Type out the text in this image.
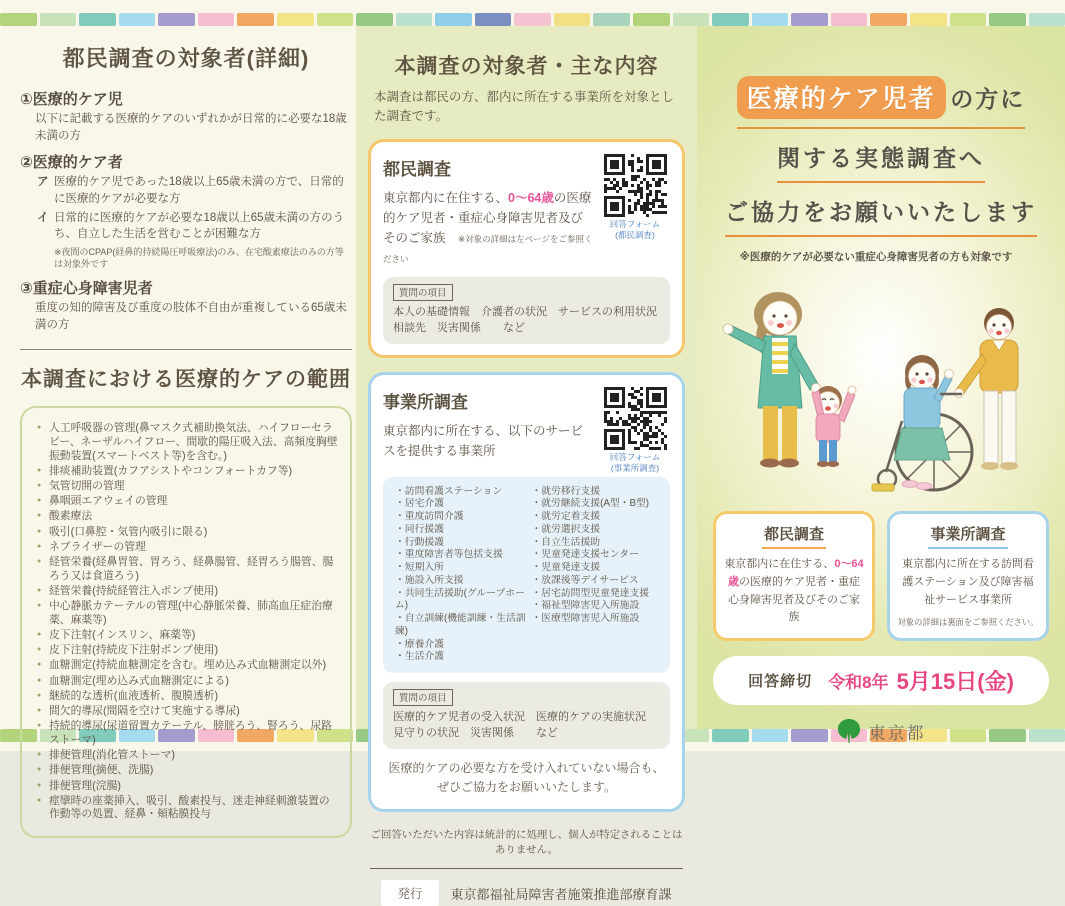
都民調査の対象者(詳細)
①医療的ケア児

以下に記載する医療的ケアのいずれかが日常的に必要な18歳未満の方

②医療的ケア者
ア 医療的ケア児であった18歳以上65歳未満の方で、日常的に医療的ケアが必要な方

イ 日常的に医療的ケアが必要な18歳以上65歳未満の方のうち、自立した生活を営むことが困難な方

※夜間のCPAP(経鼻的持続陽圧呼吸療法)のみ、在宅酸素療法のみの方等は対象外です

③重症心身障害児者

重度の知的障害及び重度の肢体不自由が重複している65歳未満の方

本調査における医療的ケアの範囲
● 人工呼吸器の管理(鼻マスク式補助換気法、ハイフローセラピー、ネーザルハイフロー、間歇的陽圧吸入法、高頻度胸壁振動装置(スマートベスト等)を含む。)
● 排痰補助装置(カフアシストやコンフォートカフ等)
● 気管切開の管理
● 鼻咽頭エアウェイの管理
● 酸素療法
● 吸引(口鼻腔・気管内吸引に限る)
● ネブライザーの管理
● 経管栄養(経鼻胃管、胃ろう、経鼻腸管、経胃ろう腸管、腸ろう又は食道ろう)
● 経管栄養(持続経管注入ポンプ使用)
● 中心静脈カテーテルの管理(中心静脈栄養、肺高血圧症治療薬、麻薬等)
● 皮下注射(インスリン、麻薬等)
● 皮下注射(持続皮下注射ポンプ使用)
● 血糖測定(持続血糖測定を含む。埋め込み式血糖測定以外)
● 血糖測定(埋め込み式血糖測定による)
● 継続的な透析(血液透析、腹膜透析)
● 間欠的導尿(間隔を空けて実施する導尿)
● 持続的導尿(尿道留置カテーテル、膀胱ろう、腎ろう、尿路ストーマ)
● 排便管理(消化管ストーマ)
● 排便管理(摘便、洗腸)
● 排便管理(浣腸)
● 痙攣時の座薬挿入、吸引、酸素投与、迷走神経刺激装置の作動等の処置、経鼻・頬粘膜投与
本調査の対象者・主な内容

本調査は都民の方、都内に所在する事業所を対象とした調査です。

回答フォーム
(都民調査)
都民調査

東京都内に在住する、0〜64歳の医療的ケア児者・重症心身障害児者及びそのご家族　※対象の詳細は左ページをご参照ください

質問の項目

本人の基礎情報　介護者の状況　サービスの利用状況

相談先　災害関係　　など

回答フォーム
(事業所調査)
事業所調査

東京都内に所在する、以下のサービスを提供する事業所

・ 訪問看護ステーション
・ 居宅介護
・ 重度訪問介護
・ 同行援護
・ 行動援護
・ 重度障害者等包括支援
・ 短期入所
・ 施設入所支援
・ 共同生活援助(グループホーム)
・ 自立訓練(機能訓練・生活訓練)
・ 療養介護
・ 生活介護
・ 就労移行支援
・ 就労継続支援(A型・B型)
・ 就労定着支援
・ 就労選択支援
・ 自立生活援助
・ 児童発達支援センター
・ 児童発達支援
・ 放課後等デイサービス
・ 居宅訪問型児童発達支援
・ 福祉型障害児入所施設
・ 医療型障害児入所施設
質問の項目

医療的ケア児者の受入状況　医療的ケアの実施状況

見守りの状況　災害関係　　など

医療的ケアの必要な方を受け入れていない場合も、

ぜひご協力をお願いいたします。

ご回答いただいた内容は統計的に処理し、個人が特定されることはありません。

発行	東京都福祉局障害者施策推進部療育課
医療的ケア児者 の方に
関する実態調査へ
ご協力をお願いいたします

※医療的ケアが必要ない重症心身障害児者の方も対象です

都民調査

東京都内に在住する、0〜64歳の医療的ケア児者・重症心身障害児者及びそのご家族

事業所調査

東京都内に所在する訪問看護ステーション及び障害福祉サービス事業所

対象の詳細は裏面をご参照ください。

回答締切 令和8年 5月15日(金)
東京都
